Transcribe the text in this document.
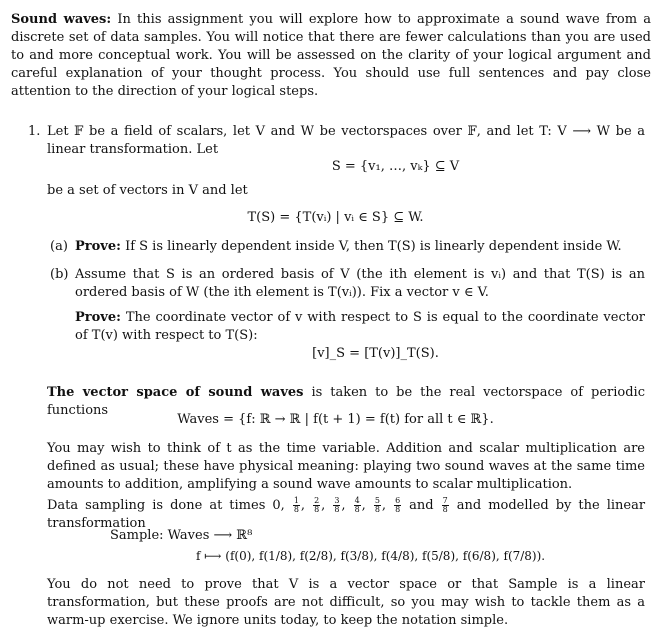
Sound waves: In this assignment you will explore how to approximate a sound wave from a discrete set of data samples. You will notice that there are fewer calculations than you are used to and more conceptual work. You will be assessed on the clarity of your logical argument and careful explanation of your thought process. You should use full sentences and pay close attention to the direction of your logical steps.
1. Let 𝔽 be a field of scalars, let V and W be vectorspaces over 𝔽, and let T: V ⟶ W be a linear transformation. Let
S = {v₁, …, vₖ} ⊆ V
be a set of vectors in V and let
T(S) = {T(vᵢ) | vᵢ ∈ S} ⊆ W.
(a) Prove: If S is linearly dependent inside V, then T(S) is linearly dependent inside W.
(b) Assume that S is an ordered basis of V (the ith element is vᵢ) and that T(S) is an ordered basis of W (the ith element is T(vᵢ)). Fix a vector v ∈ V.
Prove: The coordinate vector of v with respect to S is equal to the coordinate vector of T(v) with respect to T(S):
[v]_S = [T(v)]_T(S).
The vector space of sound waves is taken to be the real vectorspace of periodic functions
Waves = {f: ℝ → ℝ | f(t + 1) = f(t) for all t ∈ ℝ}.
You may wish to think of t as the time variable. Addition and scalar multiplication are defined as usual; these have physical meaning: playing two sound waves at the same time amounts to addition, amplifying a sound wave amounts to scalar multiplication.
Data sampling is done at times 0, $\frac{1}{8}$ , $\frac{2}{8}$ , $\frac{3}{8}$ , $\frac{4}{8}$ , $\frac{5}{8}$ , $\frac{6}{8}$ and $\frac{7}{8}$ and modelled by the linear transformation
Sample: Waves ⟶ ℝ⁸
f ⟼ (f(0), f(1/8), f(2/8), f(3/8), f(4/8), f(5/8), f(6/8), f(7/8)).
You do not need to prove that V is a vector space or that Sample is a linear transformation, but these proofs are not difficult, so you may wish to tackle them as a warm-up exercise. We ignore units today, to keep the notation simple.
